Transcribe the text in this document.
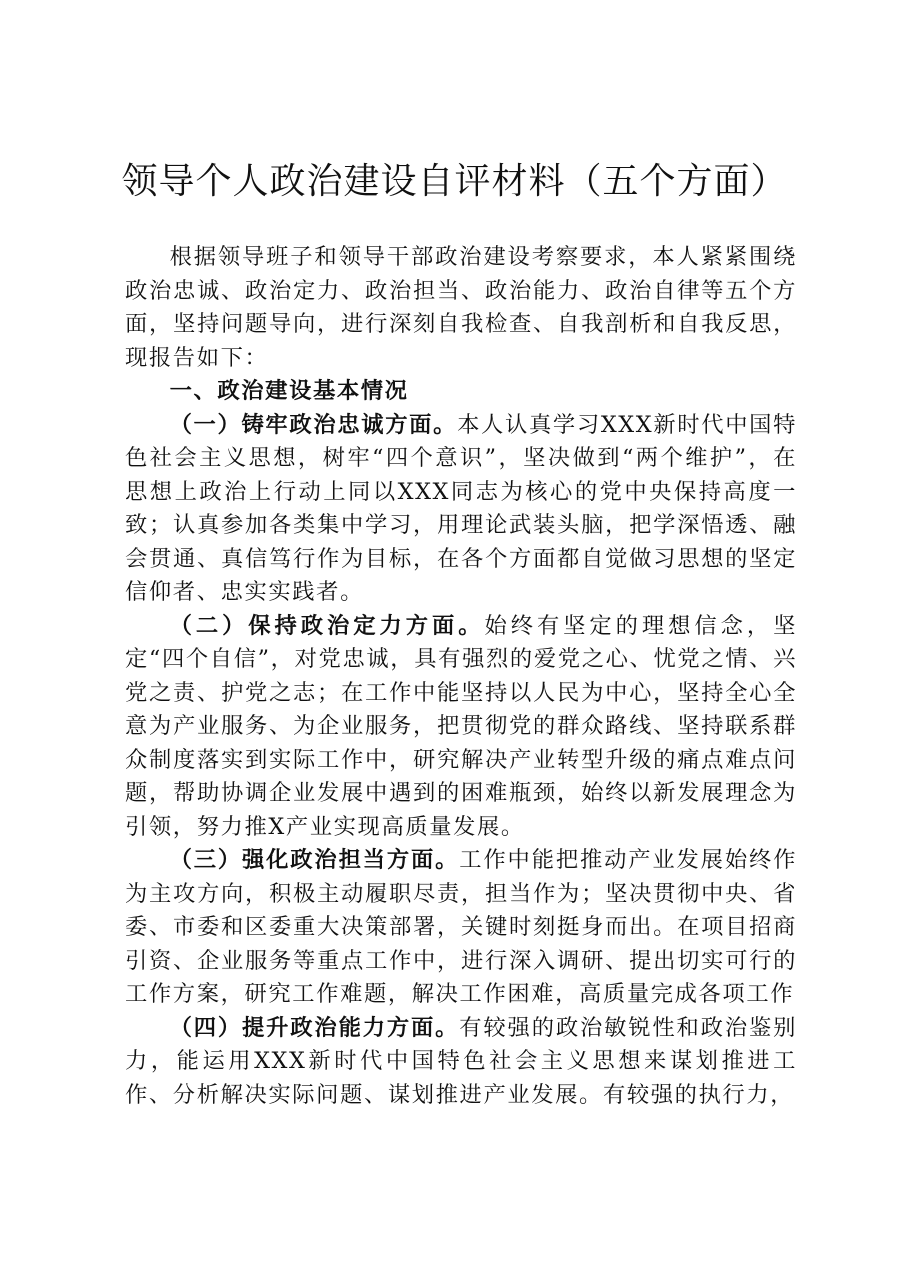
领导个人政治建设自评材料（五个方面）

根据领导班子和领导干部政治建设考察要求，本人紧紧围绕政治忠诚、政治定力、政治担当、政治能力、政治自律等五个方面，坚持问题导向，进行深刻自我检查、自我剖析和自我反思，现报告如下：

一、政治建设基本情况

（一）铸牢政治忠诚方面。本人认真学习XXX新时代中国特色社会主义思想，树牢“四个意识”，坚决做到“两个维护”，在思想上政治上行动上同以XXX同志为核心的党中央保持高度一致；认真参加各类集中学习，用理论武装头脑，把学深悟透、融会贯通、真信笃行作为目标，在各个方面都自觉做习思想的坚定信仰者、忠实实践者。

（二）保持政治定力方面。始终有坚定的理想信念，坚定“四个自信”，对党忠诚，具有强烈的爱党之心、忧党之情、兴党之责、护党之志；在工作中能坚持以人民为中心，坚持全心全意为产业服务、为企业服务，把贯彻党的群众路线、坚持联系群众制度落实到实际工作中，研究解决产业转型升级的痛点难点问题，帮助协调企业发展中遇到的困难瓶颈，始终以新发展理念为引领，努力推X产业实现高质量发展。

（三）强化政治担当方面。工作中能把推动产业发展始终作为主攻方向，积极主动履职尽责，担当作为；坚决贯彻中央、省委、市委和区委重大决策部署，关键时刻挺身而出。在项目招商引资、企业服务等重点工作中，进行深入调研、提出切实可行的工作方案，研究工作难题，解决工作困难，高质量完成各项工作

（四）提升政治能力方面。有较强的政治敏锐性和政治鉴别力，能运用XXX新时代中国特色社会主义思想来谋划推进工作、分析解决实际问题、谋划推进产业发展。有较强的执行力，
